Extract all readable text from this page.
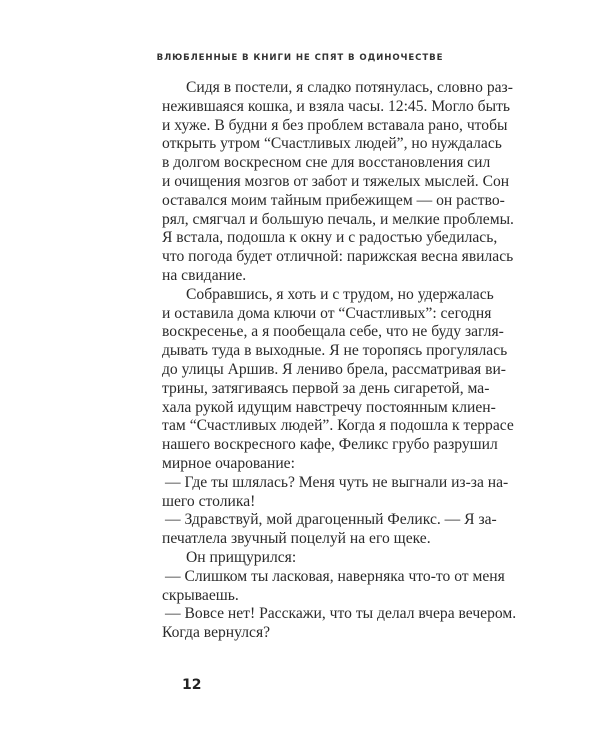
ВЛЮБЛЕННЫЕ В КНИГИ НЕ СПЯТ В ОДИНОЧЕСТВЕ
Сидя в постели, я сладко потянулась, словно раз-
нежившаяся кошка, и взяла часы. 12:45. Могло быть
и хуже. В будни я без проблем вставала рано, чтобы
открыть утром “Счастливых людей”, но нуждалась
в долгом воскресном сне для восстановления сил
и очищения мозгов от забот и тяжелых мыслей. Сон
оставался моим тайным прибежищем — он раство-
рял, смягчал и большую печаль, и мелкие проблемы.
Я встала, подошла к окну и с радостью убедилась,
что погода будет отличной: парижская весна явилась
на свидание.
Собравшись, я хоть и с трудом, но удержалась
и оставила дома ключи от “Счастливых”: сегодня
воскресенье, а я пообещала себе, что не буду загля-
дывать туда в выходные. Я не торопясь прогулялась
до улицы Аршив. Я лениво брела, рассматривая ви-
трины, затягиваясь первой за день сигаретой, ма-
хала рукой идущим навстречу постоянным клиен-
там “Счастливых людей”. Когда я подошла к террасе
нашего воскресного кафе, Феликс грубо разрушил
мирное очарование:
— Где ты шлялась? Меня чуть не выгнали из-за на-
шего столика!
— Здравствуй, мой драгоценный Феликс. — Я за-
печатлела звучный поцелуй на его щеке.
Он прищурился:
— Слишком ты ласковая, наверняка что-то от меня
скрываешь.
— Вовсе нет! Расскажи, что ты делал вчера вечером.
Когда вернулся?
12
